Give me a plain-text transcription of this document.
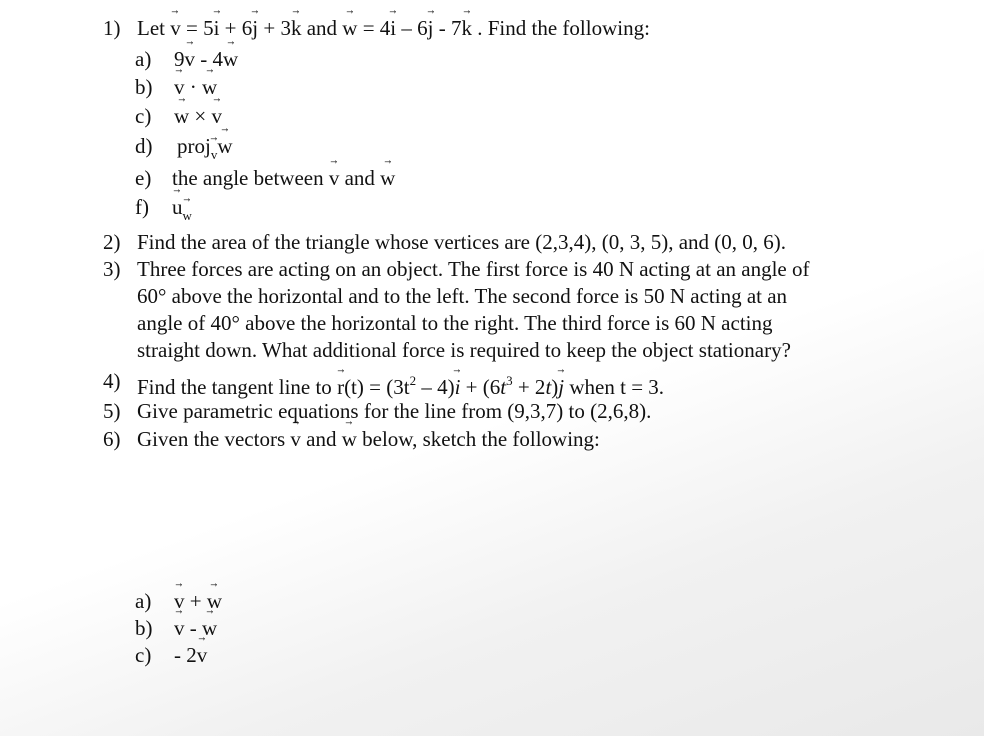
1) Let → v = 5→ i + 6→ j + 3→ k and → w = 4→ i – 6→ j - 7→ k . Find the following:
a) 9→ v - 4→ w
b) → v · → w
c) → w × → v
d) proj→ $_v$→ w
e) the angle between → v and → w
f) → u→ $_w$
2) Find the area of the triangle whose vertices are (2,3,4), (0, 3, 5), and (0, 0, 6).
3) Three forces are acting on an object. The first force is 40 N acting at an angle of
60° above the horizontal and to the left. The second force is 50 N acting at an
angle of 40° above the horizontal to the right. The third force is 60 N acting
straight down. What additional force is required to keep the object stationary?
4) Find the tangent line to → $r(t) = (3t^2 - 4)\to i + (6t^3 + 2t)\to j$ when t = 3.
5) Give parametric equations for the line from (9,3,7) to (2,6,8).
6) Given the vectors → v and → w below, sketch the following:
a) → v + → w
b) → v - → w
c) - 2→ v
